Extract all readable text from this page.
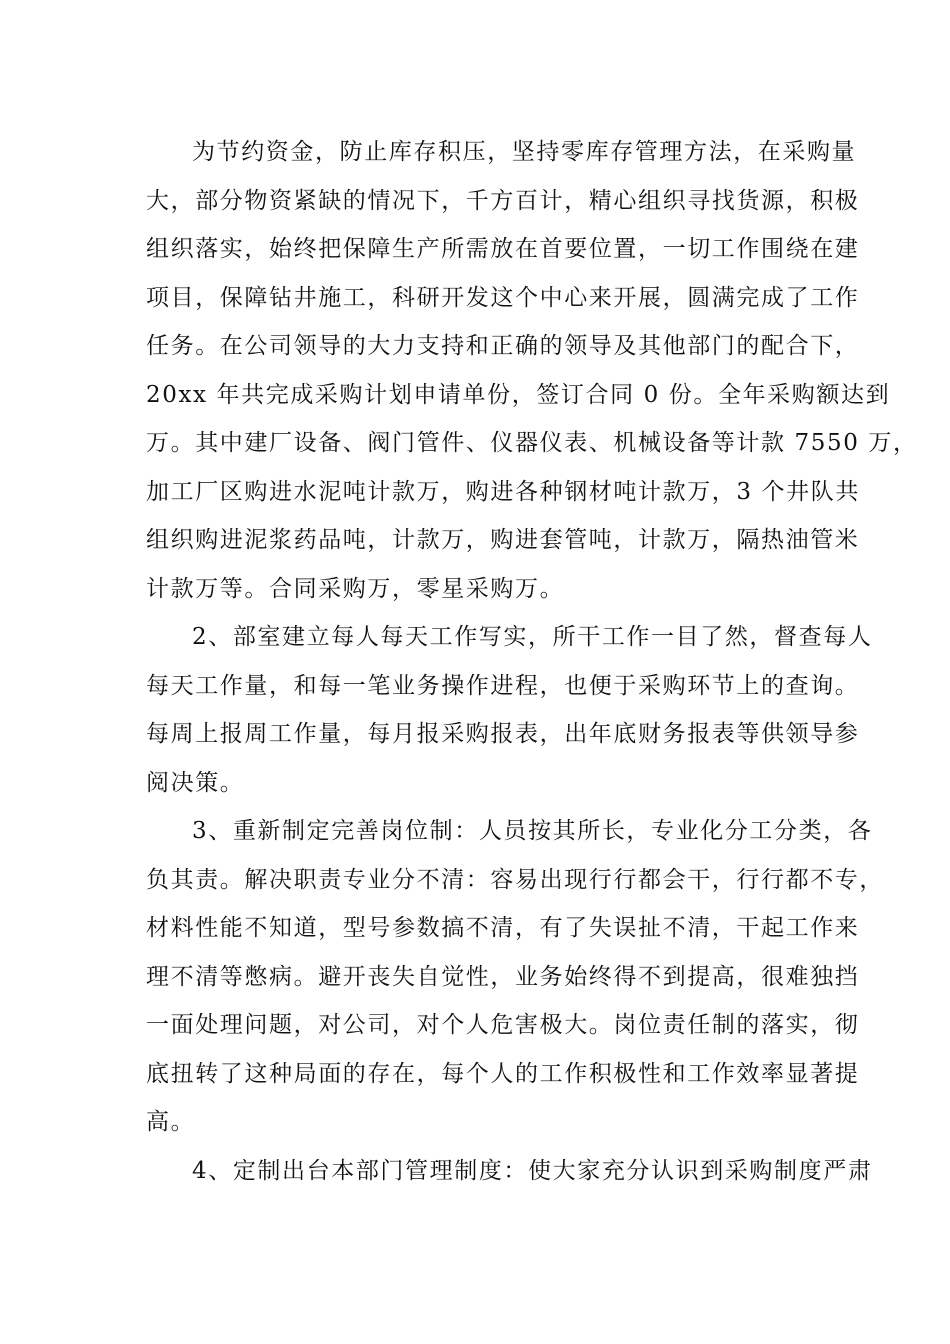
为节约资金，防止库存积压，坚持零库存管理方法，在采购量
大，部分物资紧缺的情况下，千方百计，精心组织寻找货源，积极
组织落实，始终把保障生产所需放在首要位置，一切工作围绕在建
项目，保障钻井施工，科研开发这个中心来开展，圆满完成了工作
任务。在公司领导的大力支持和正确的领导及其他部门的配合下，
20xx 年共完成采购计划申请单份，签订合同 0 份。全年采购额达到
万。其中建厂设备、阀门管件、仪器仪表、机械设备等计款 7550 万，
加工厂区购进水泥吨计款万，购进各种钢材吨计款万，3 个井队共
组织购进泥浆药品吨，计款万，购进套管吨，计款万，隔热油管米
计款万等。合同采购万，零星采购万。
2、部室建立每人每天工作写实，所干工作一目了然，督查每人
每天工作量，和每一笔业务操作进程，也便于采购环节上的查询。
每周上报周工作量，每月报采购报表，出年底财务报表等供领导参
阅决策。
3、重新制定完善岗位制：人员按其所长，专业化分工分类，各
负其责。解决职责专业分不清：容易出现行行都会干，行行都不专，
材料性能不知道，型号参数搞不清，有了失误扯不清，干起工作来
理不清等憋病。避开丧失自觉性，业务始终得不到提高，很难独挡
一面处理问题，对公司，对个人危害极大。岗位责任制的落实，彻
底扭转了这种局面的存在，每个人的工作积极性和工作效率显著提
高。
4、定制出台本部门管理制度：使大家充分认识到采购制度严肃
